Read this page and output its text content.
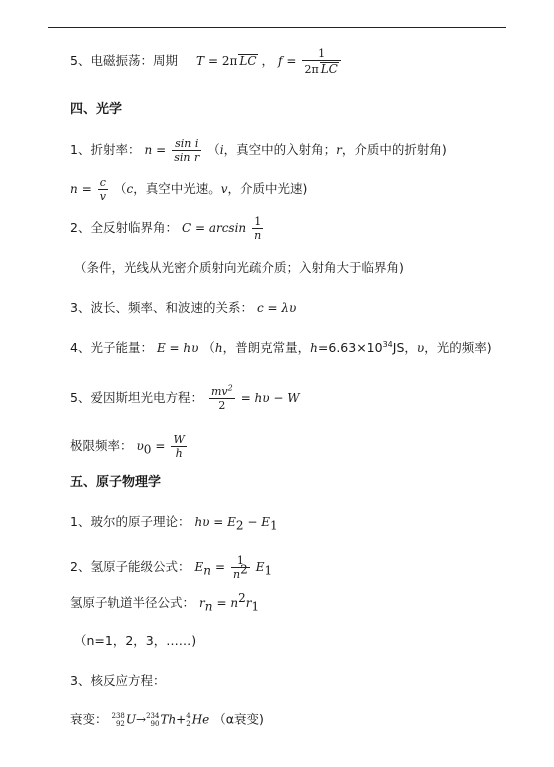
5、电磁振荡：周期 T = 2π LC ， $f = \frac{1}{\text{2π LC}}$
四、光学
1、折射率： $n = \frac{\text{sin i}}{\text{sin r}} (i$，真空中的入射角；r，介质中的折射角)
$n = \frac{c}{v} (c$，真空中光速。v，介质中光速)
2、全反射临界角： $C = \arcsin \frac{1}{n}$
（条件，光线从光密介质射向光疏介质；入射角大于临界角)
3、波长、频率、和波速的关系： c = λυ
4、光子能量： E = hυ （h，普朗克常量，$h=6.63\times 10^{34}JS$，υ，光的频率)
5、爱因斯坦光电方程： $\frac{mv^2}{2} = h\upsilon - W$
极限频率： $\upsilon_0 = \frac{W}{h}$
五、原子物理学
1、玻尔的原子理论： $h\upsilon = E_2 - E_1$
2、氢原子能级公式： $E_n = \frac{1}{n^2} E_1$
氢原子轨道半径公式： $r_n = n^2r_1$
（n=1，2，3，……)
3、核反应方程：
衰变： 238
92U→234
90Th+4
2He （α衰变)
